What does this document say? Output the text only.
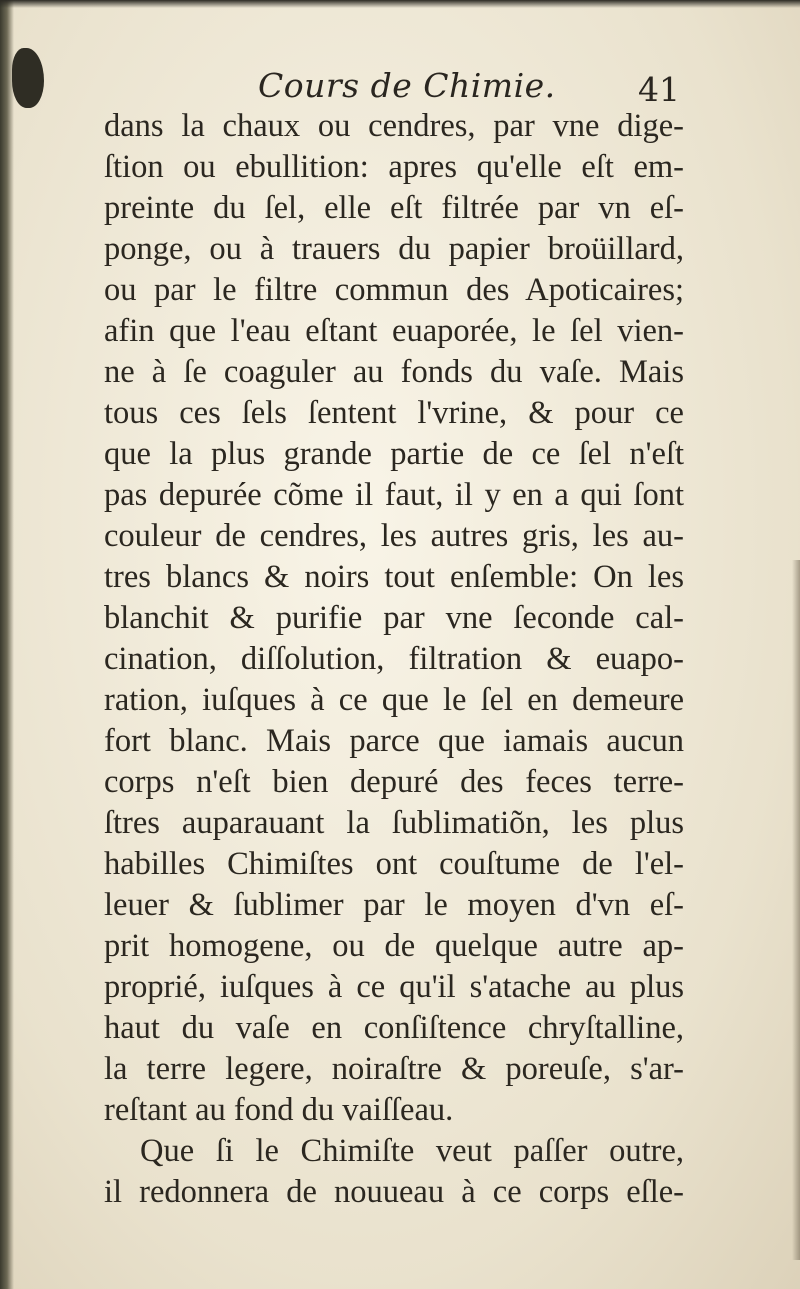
Cours de Chimie. 41
dans la chaux ou cendres, par vne dige-
ſtion ou ebullition: apres qu'elle eſt em-
preinte du ſel, elle eſt filtrée par vn eſ-
ponge, ou à trauers du papier broüillard,
ou par le filtre commun des Apoticaires;
afin que l'eau eſtant euaporée, le ſel vien-
ne à ſe coaguler au fonds du vaſe. Mais
tous ces ſels ſentent l'vrine, & pour ce
que la plus grande partie de ce ſel n'eſt
pas depurée cõme il faut, il y en a qui ſont
couleur de cendres, les autres gris, les au-
tres blancs & noirs tout enſemble: On les
blanchit & purifie par vne ſeconde cal-
cination, diſſolution, filtration & euapo-
ration, iuſques à ce que le ſel en demeure
fort blanc. Mais parce que iamais aucun
corps n'eſt bien depuré des feces terre-
ſtres auparauant la ſublimatiõn, les plus
habilles Chimiſtes ont couſtume de l'el-
leuer & ſublimer par le moyen d'vn eſ-
prit homogene, ou de quelque autre ap-
proprié, iuſques à ce qu'il s'atache au plus
haut du vaſe en conſiſtence chryſtalline,
la terre legere, noiraſtre & poreuſe, s'ar-
reſtant au fond du vaiſſeau.
Que ſi le Chimiſte veut paſſer outre,
il redonnera de nouueau à ce corps eſle-
